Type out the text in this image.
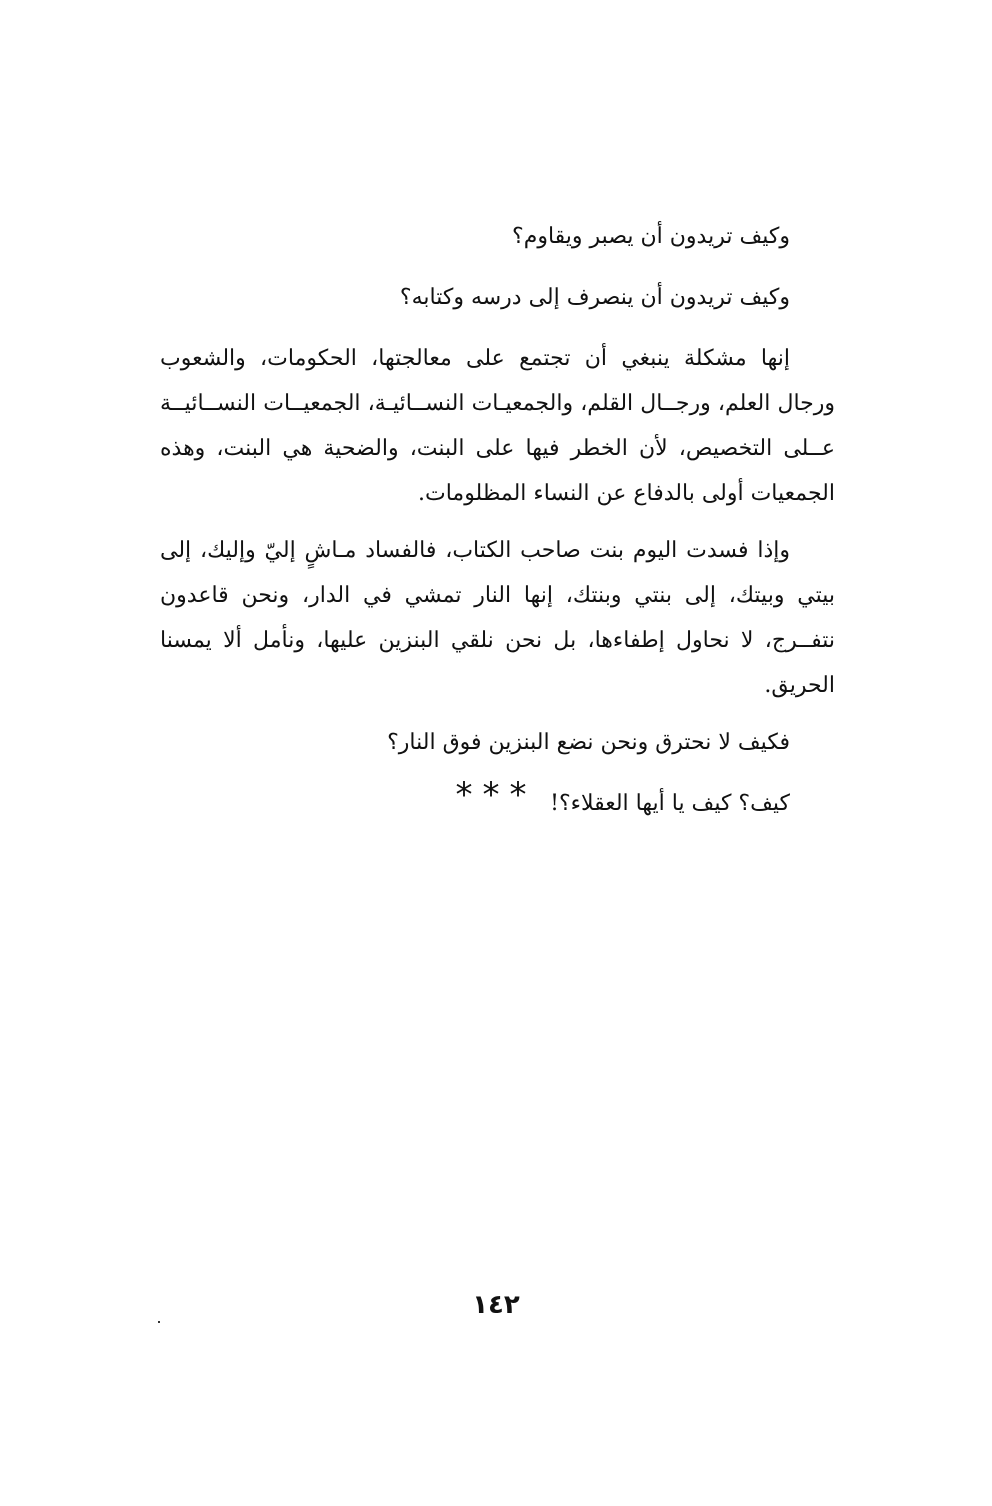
وكيف تريدون أن يصبر ويقاوم؟

وكيف تريدون أن ينصرف إلى درسه وكتابه؟

إنها مشكلة ينبغي أن تجتمع على معالجتها، الحكومات، والشعوب ورجال العلم، ورجــال القلم، والجمعيـات النســائيـة، الجمعيــات النســائيــة عــلى التخصيص، لأن الخطر فيها على البنت، والضحية هي البنت، وهذه الجمعيات أولى بالدفاع عن النساء المظلومات.

وإذا فسدت اليوم بنت صاحب الكتاب، فالفساد مـاشٍ إليّ وإليك، إلى بيتي وبيتك، إلى بنتي وبنتك، إنها النار تمشي في الدار، ونحن قاعدون نتفــرج، لا نحاول إطفاءها، بل نحن نلقي البنزين عليها، ونأمل ألا يمسنا الحريق.

فكيف لا نحترق ونحن نضع البنزين فوق النار؟

كيف؟ كيف يا أيها العقلاء؟!

***
١٤٢
